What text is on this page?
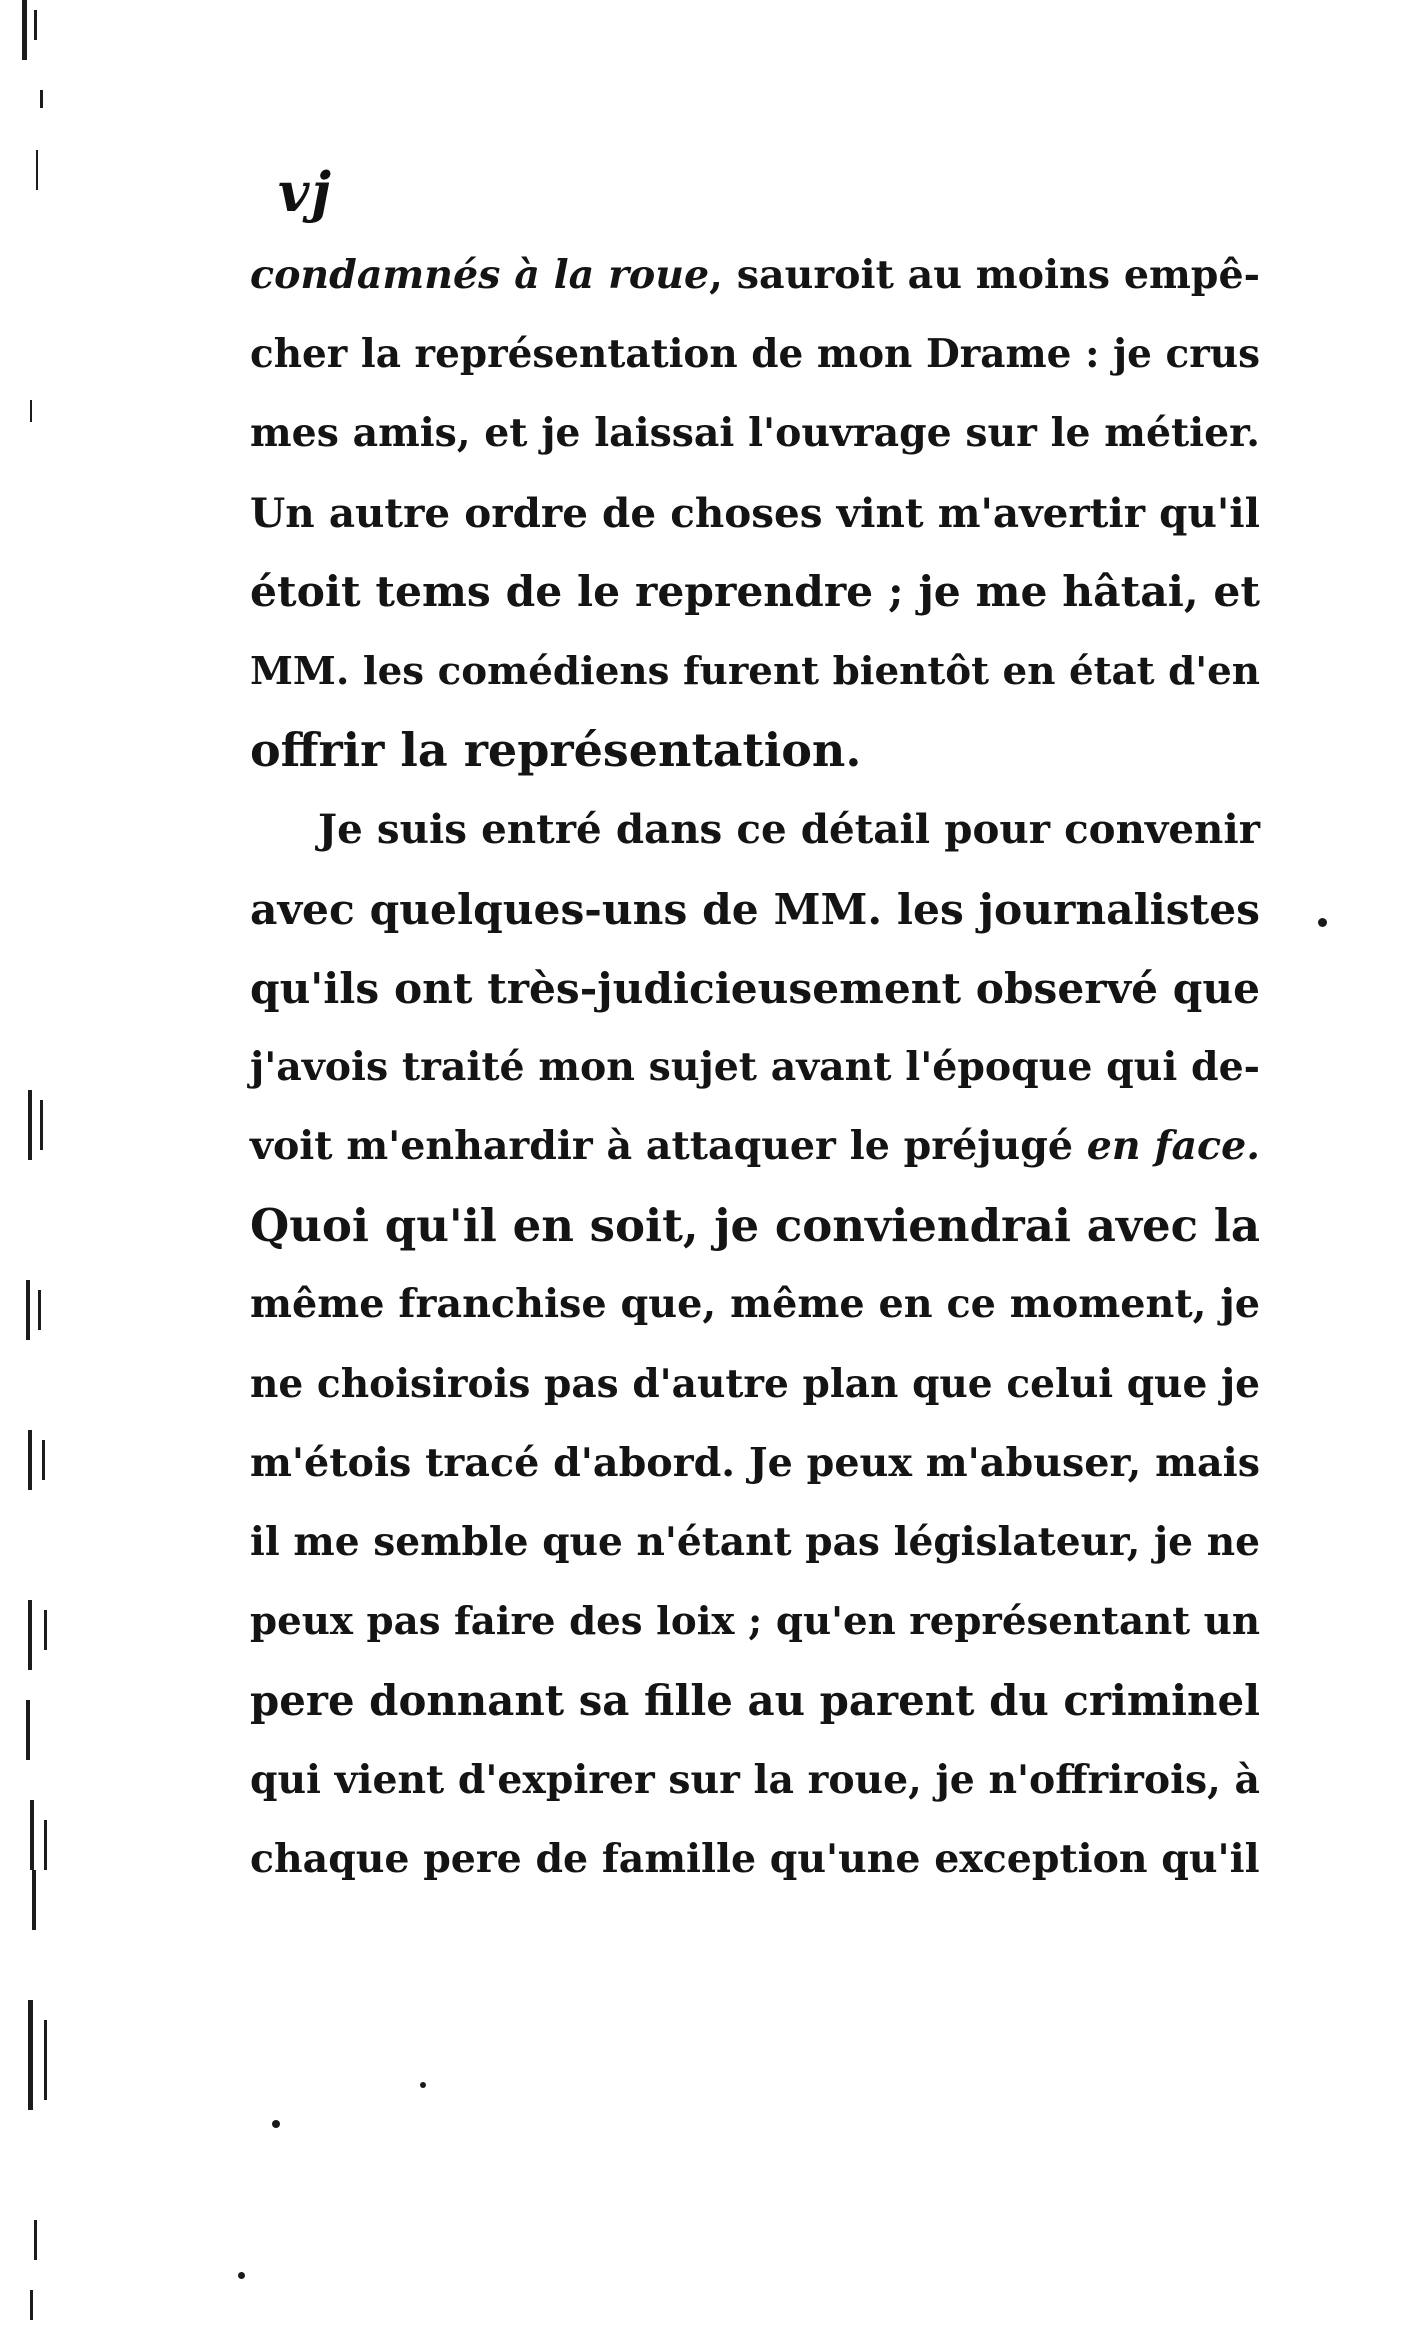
vj
condamnés à la roue , sauroit au moins empê-
cher la représentation de mon Drame : je crus
mes amis, et je laissai l'ouvrage sur le métier.
Un autre ordre de choses vint m'avertir qu'il
étoit tems de le reprendre ; je me hâtai, et
MM. les comédiens furent bientôt en état d'en
offrir la représentation.
Je suis entré dans ce détail pour convenir
avec quelques-uns de MM. les journalistes
qu'ils ont très-judicieusement observé que
j'avois traité mon sujet avant l'époque qui de-
voit m'enhardir à attaquer le préjugé en face.
Quoi qu'il en soit, je conviendrai avec la
même franchise que, même en ce moment, je
ne choisirois pas d'autre plan que celui que je
m'étois tracé d'abord. Je peux m'abuser, mais
il me semble que n'étant pas législateur, je ne
peux pas faire des loix ; qu'en représentant un
pere donnant sa fille au parent du criminel
qui vient d'expirer sur la roue, je n'offrirois, à
chaque pere de famille qu'une exception qu'il
